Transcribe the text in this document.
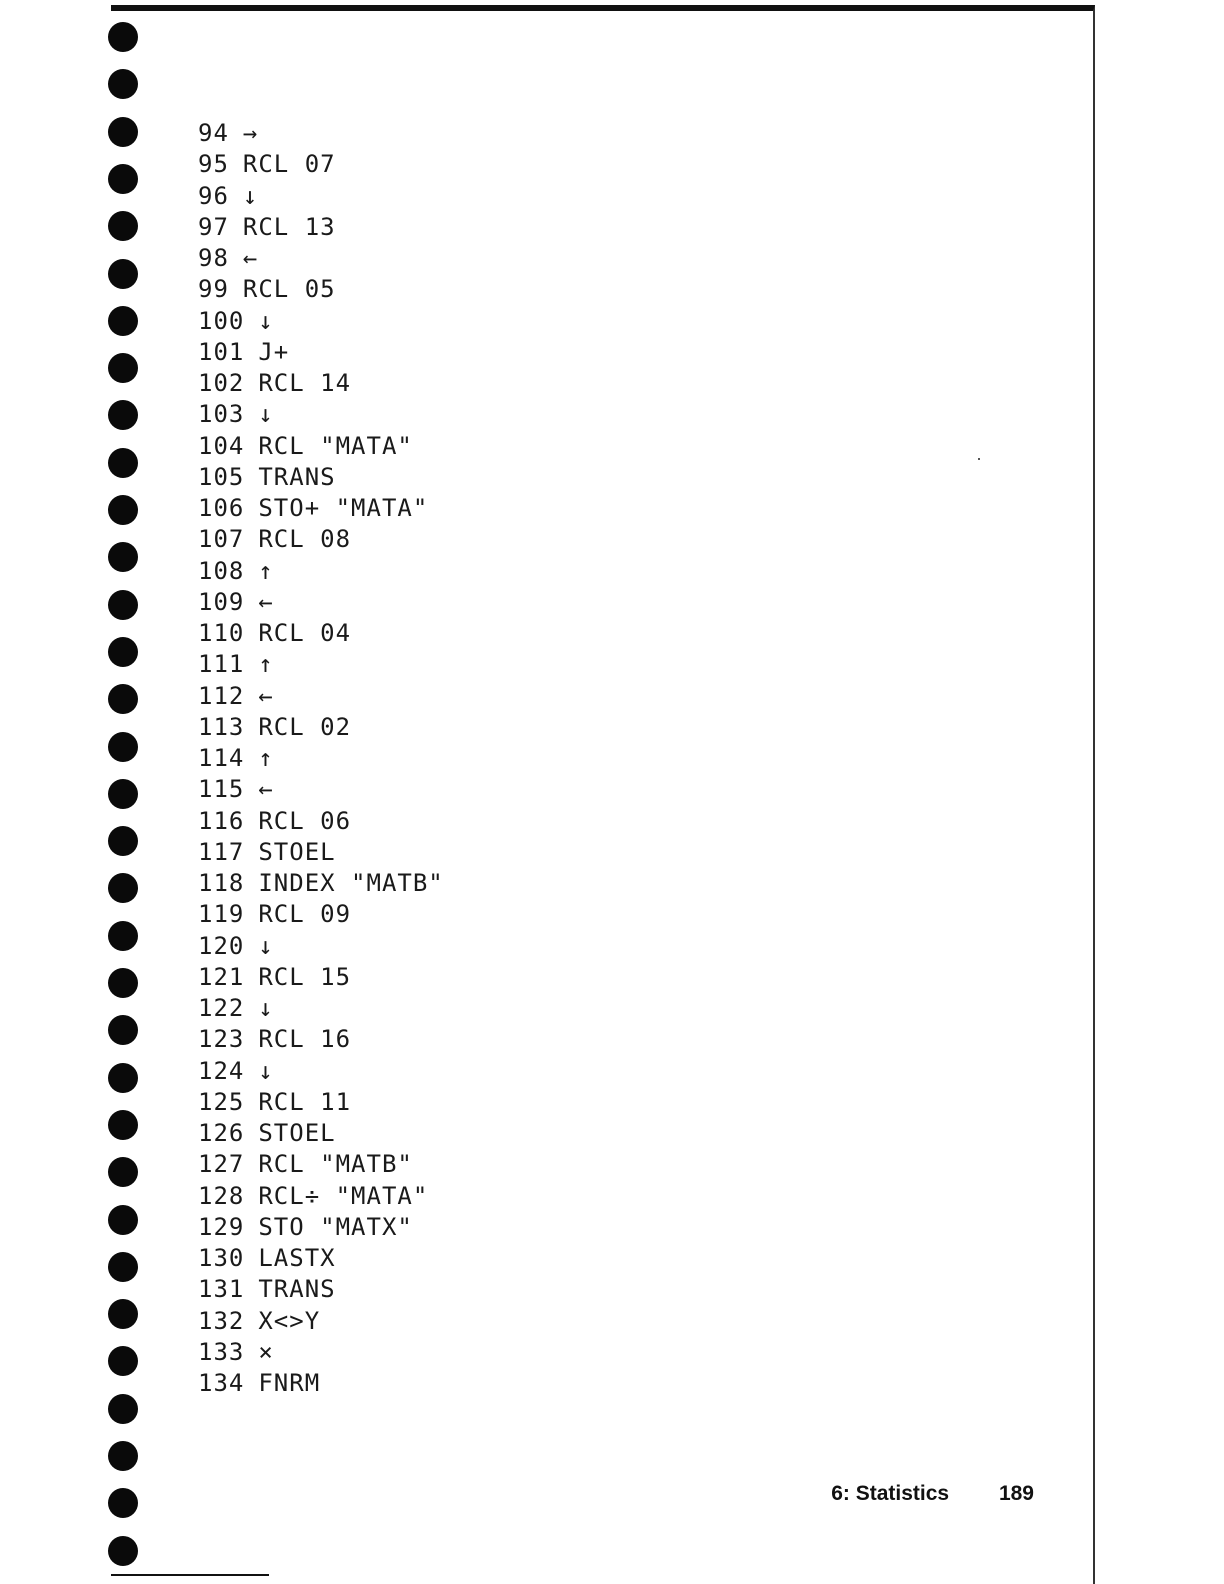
94 →
95 RCL 07
96 ↓
97 RCL 13
98 ←
99 RCL 05
100 ↓
101 J+
102 RCL 14
103 ↓
104 RCL "MATA"
105 TRANS
106 STO+ "MATA"
107 RCL 08
108 ↑
109 ←
110 RCL 04
111 ↑
112 ←
113 RCL 02
114 ↑
115 ←
116 RCL 06
117 STOEL
118 INDEX "MATB"
119 RCL 09
120 ↓
121 RCL 15
122 ↓
123 RCL 16
124 ↓
125 RCL 11
126 STOEL
127 RCL "MATB"
128 RCL÷ "MATA"
129 STO "MATX"
130 LASTX
131 TRANS
132 X<>Y
133 ×
134 FNRM
6: Statistics 189
